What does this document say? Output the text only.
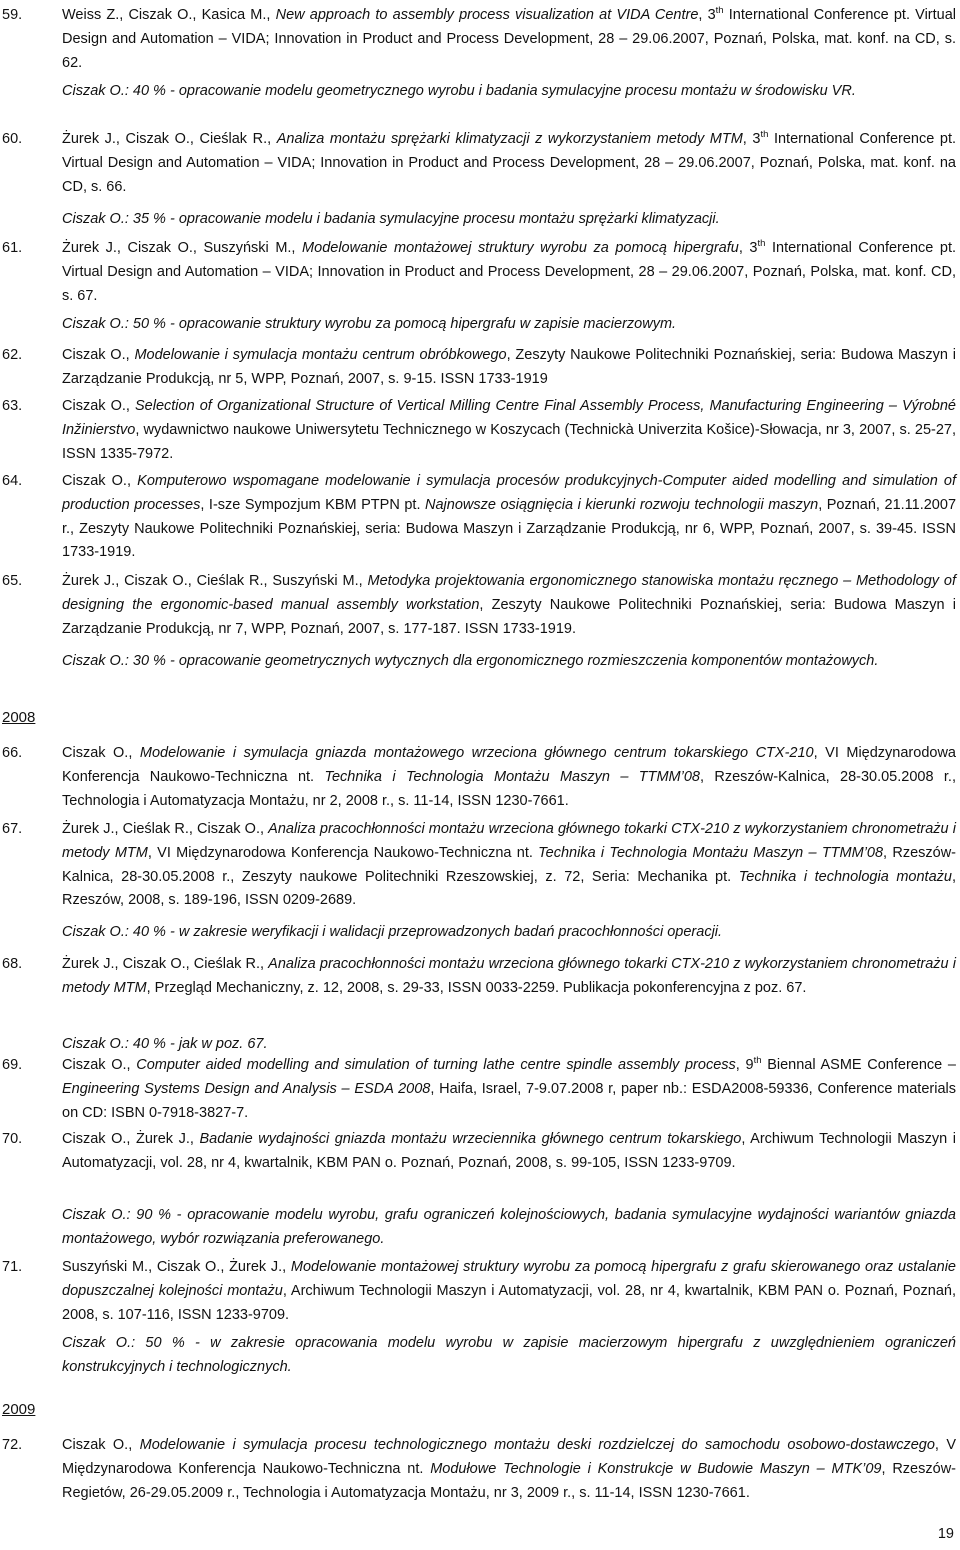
59.	Weiss Z., Ciszak O., Kasica M., New approach to assembly process visualization at VIDA Centre, 3th International Conference pt. Virtual Design and Automation – VIDA; Innovation in Product and Process Development, 28 – 29.06.2007, Poznań, Polska, mat. konf. na CD, s. 62.
Ciszak O.: 40 % - opracowanie modelu geometrycznego wyrobu i badania symulacyjne procesu montażu w środowisku VR.
60.	Żurek J., Ciszak O., Cieślak R., Analiza montażu sprężarki klimatyzacji z wykorzystaniem metody MTM, 3th International Conference pt. Virtual Design and Automation – VIDA; Innovation in Product and Process Development, 28 – 29.06.2007, Poznań, Polska, mat. konf. na CD, s. 66.
Ciszak O.: 35 % - opracowanie modelu i badania symulacyjne procesu montażu sprężarki klimatyzacji.
61.	Żurek J., Ciszak O., Suszyński M., Modelowanie montażowej struktury wyrobu za pomocą hipergrafu, 3th International Conference pt. Virtual Design and Automation – VIDA; Innovation in Product and Process Development, 28 – 29.06.2007, Poznań, Polska, mat. konf. CD, s. 67.
Ciszak O.: 50 % - opracowanie struktury wyrobu za pomocą hipergrafu w zapisie macierzowym.
62.	Ciszak O., Modelowanie i symulacja montażu centrum obróbkowego, Zeszyty Naukowe Politechniki Poznańskiej, seria: Budowa Maszyn i Zarządzanie Produkcją, nr 5, WPP, Poznań, 2007, s. 9-15. ISSN 1733-1919
63.	Ciszak O., Selection of Organizational Structure of Vertical Milling Centre Final Assembly Process, Manufacturing Engineering – Výrobné Inžinierstvo, wydawnictwo naukowe Uniwersytetu Technicznego w Koszycach (Technickà Univerzita Košice)-Słowacja, nr 3, 2007, s. 25-27, ISSN 1335-7972.
64.	Ciszak O., Komputerowo wspomagane modelowanie i symulacja procesów produkcyjnych-Computer aided modelling and simulation of production processes, I-sze Sympozjum KBM PTPN pt. Najnowsze osiągnięcia i kierunki rozwoju technologii maszyn, Poznań, 21.11.2007 r., Zeszyty Naukowe Politechniki Poznańskiej, seria: Budowa Maszyn i Zarządzanie Produkcją, nr 6, WPP, Poznań, 2007, s. 39-45. ISSN 1733-1919.
65.	Żurek J., Ciszak O., Cieślak R., Suszyński M., Metodyka projektowania ergonomicznego stanowiska montażu ręcznego – Methodology of designing the ergonomic-based manual assembly workstation, Zeszyty Naukowe Politechniki Poznańskiej, seria: Budowa Maszyn i Zarządzanie Produkcją, nr 7, WPP, Poznań, 2007, s. 177-187. ISSN 1733-1919.
Ciszak O.: 30 % - opracowanie geometrycznych wytycznych dla ergonomicznego rozmieszczenia komponentów montażowych.
2008
66.	Ciszak O., Modelowanie i symulacja gniazda montażowego wrzeciona głównego centrum tokarskiego CTX-210, VI Międzynarodowa Konferencja Naukowo-Techniczna nt. Technika i Technologia Montażu Maszyn – TTMM’08, Rzeszów-Kalnica, 28-30.05.2008 r., Technologia i Automatyzacja Montażu, nr 2, 2008 r., s. 11-14, ISSN 1230-7661.
67.	Żurek J., Cieślak R., Ciszak O., Analiza pracochłonności montażu wrzeciona głównego tokarki CTX-210 z wykorzystaniem chronometrażu i metody MTM, VI Międzynarodowa Konferencja Naukowo-Techniczna nt. Technika i Technologia Montażu Maszyn – TTMM’08, Rzeszów-Kalnica, 28-30.05.2008 r., Zeszyty naukowe Politechniki Rzeszowskiej, z. 72, Seria: Mechanika pt. Technika i technologia montażu, Rzeszów, 2008, s. 189-196, ISSN 0209-2689.
Ciszak O.: 40 % - w zakresie weryfikacji i walidacji przeprowadzonych badań pracochłonności operacji.
68.	Żurek J., Ciszak O., Cieślak R., Analiza pracochłonności montażu wrzeciona głównego tokarki CTX-210 z wykorzystaniem chronometrażu i metody MTM, Przegląd Mechaniczny, z. 12, 2008, s. 29-33, ISSN 0033-2259. Publikacja pokonferencyjna z poz. 67.
Ciszak O.: 40 % - jak w poz. 67.
69.	Ciszak O., Computer aided modelling and simulation of turning lathe centre spindle assembly process, 9th Biennal ASME Conference – Engineering Systems Design and Analysis – ESDA 2008, Haifa, Israel, 7-9.07.2008 r, paper nb.: ESDA2008-59336, Conference materials on CD: ISBN 0-7918-3827-7.
70.	Ciszak O., Żurek J., Badanie wydajności gniazda montażu wrzeciennika głównego centrum tokarskiego, Archiwum Technologii Maszyn i Automatyzacji, vol. 28, nr 4, kwartalnik, KBM PAN o. Poznań, Poznań, 2008, s. 99-105, ISSN 1233-9709.
Ciszak O.: 90 % - opracowanie modelu wyrobu, grafu ograniczeń kolejnościowych, badania symulacyjne wydajności wariantów gniazda montażowego, wybór rozwiązania preferowanego.
71.	Suszyński M., Ciszak O., Żurek J., Modelowanie montażowej struktury wyrobu za pomocą hipergrafu z grafu skierowanego oraz ustalanie dopuszczalnej kolejności montażu, Archiwum Technologii Maszyn i Automatyzacji, vol. 28, nr 4, kwartalnik, KBM PAN o. Poznań, Poznań, 2008, s. 107-116, ISSN 1233-9709.
Ciszak O.: 50 % - w zakresie opracowania modelu wyrobu w zapisie macierzowym hipergrafu z uwzględnieniem ograniczeń konstrukcyjnych i technologicznych.
2009
72.	Ciszak O., Modelowanie i symulacja procesu technologicznego montażu deski rozdzielczej do samochodu osobowo-dostawczego, V Międzynarodowa Konferencja Naukowo-Techniczna nt. Modułowe Technologie i Konstrukcje w Budowie Maszyn – MTK’09, Rzeszów-Regietów, 26-29.05.2009 r., Technologia i Automatyzacja Montażu, nr 3, 2009 r., s. 11-14, ISSN 1230-7661.
19
